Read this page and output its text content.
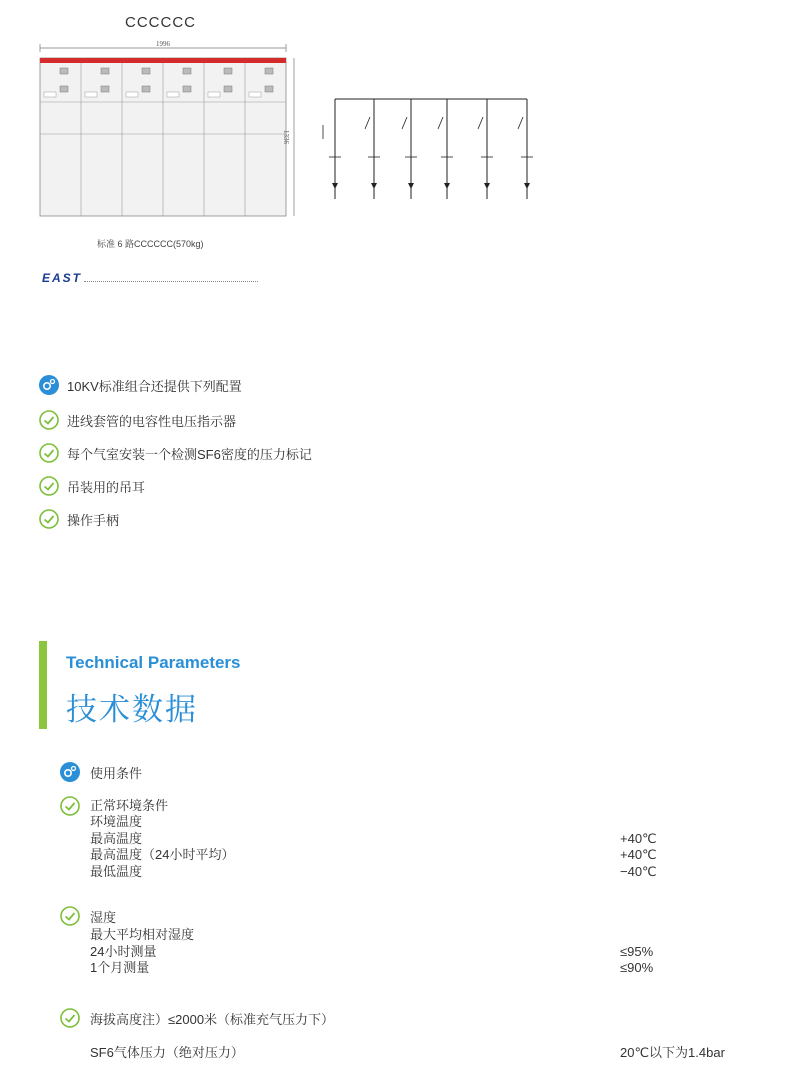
CCCCCC
1996
1336
标准 6 路CCCCCC(570kg)
EAST
10KV标准组合还提供下列配置
进线套管的电容性电压指示器
每个气室安装一个检测SF6密度的压力标记
吊装用的吊耳
操作手柄
Technical Parameters
技术数据
使用条件
正常环境条件
环境温度
最高温度	+40℃
最高温度（24小时平均）	+40℃
最低温度	−40℃
湿度
最大平均相对湿度
24小时测量	≤95%
1个月测量	≤90%
海拔高度注）≤2000米（标准充气压力下）
SF6气体压力（绝对压力）	20℃以下为1.4bar
